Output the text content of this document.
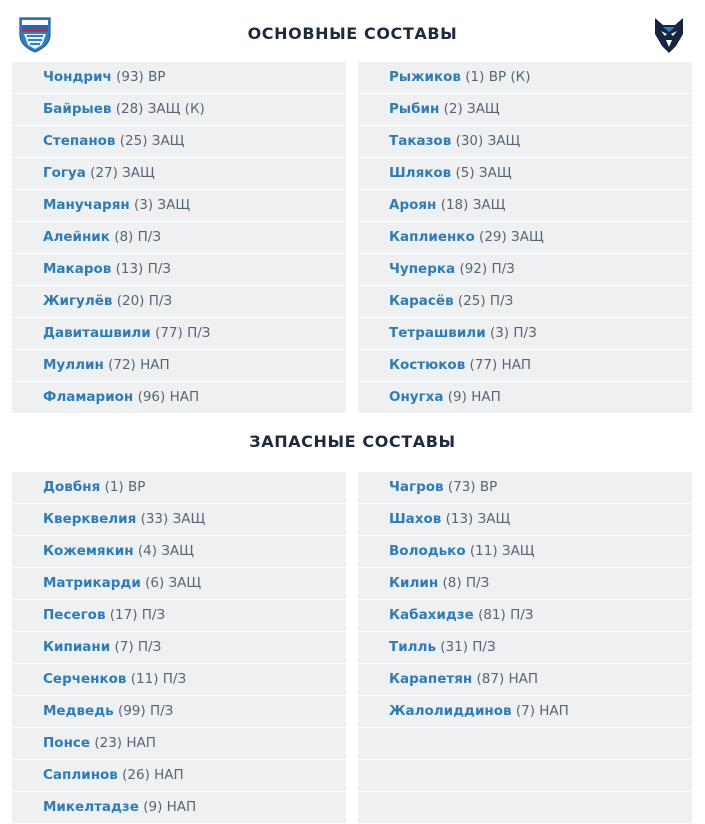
ОСНОВНЫЕ СОСТАВЫ
Чондрич (93) ВР
Байрыев (28) ЗАЩ (К)
Степанов (25) ЗАЩ
Гогуа (27) ЗАЩ
Манучарян (3) ЗАЩ
Алейник (8) П/З
Макаров (13) П/З
Жигулёв (20) П/З
Давиташвили (77) П/З
Муллин (72) НАП
Фламарион (96) НАП
Рыжиков (1) ВР (К)
Рыбин (2) ЗАЩ
Таказов (30) ЗАЩ
Шляков (5) ЗАЩ
Ароян (18) ЗАЩ
Каплиенко (29) ЗАЩ
Чуперка (92) П/З
Карасёв (25) П/З
Тетрашвили (3) П/З
Костюков (77) НАП
Онугха (9) НАП
ЗАПАСНЫЕ СОСТАВЫ
Довбня (1) ВР
Кверквелия (33) ЗАЩ
Кожемякин (4) ЗАЩ
Матрикарди (6) ЗАЩ
Песегов (17) П/З
Кипиани (7) П/З
Серченков (11) П/З
Медведь (99) П/З
Понсе (23) НАП
Саплинов (26) НАП
Микелтадзе (9) НАП
Чагров (73) ВР
Шахов (13) ЗАЩ
Володько (11) ЗАЩ
Килин (8) П/З
Кабахидзе (81) П/З
Тилль (31) П/З
Карапетян (87) НАП
Жалолиддинов (7) НАП
